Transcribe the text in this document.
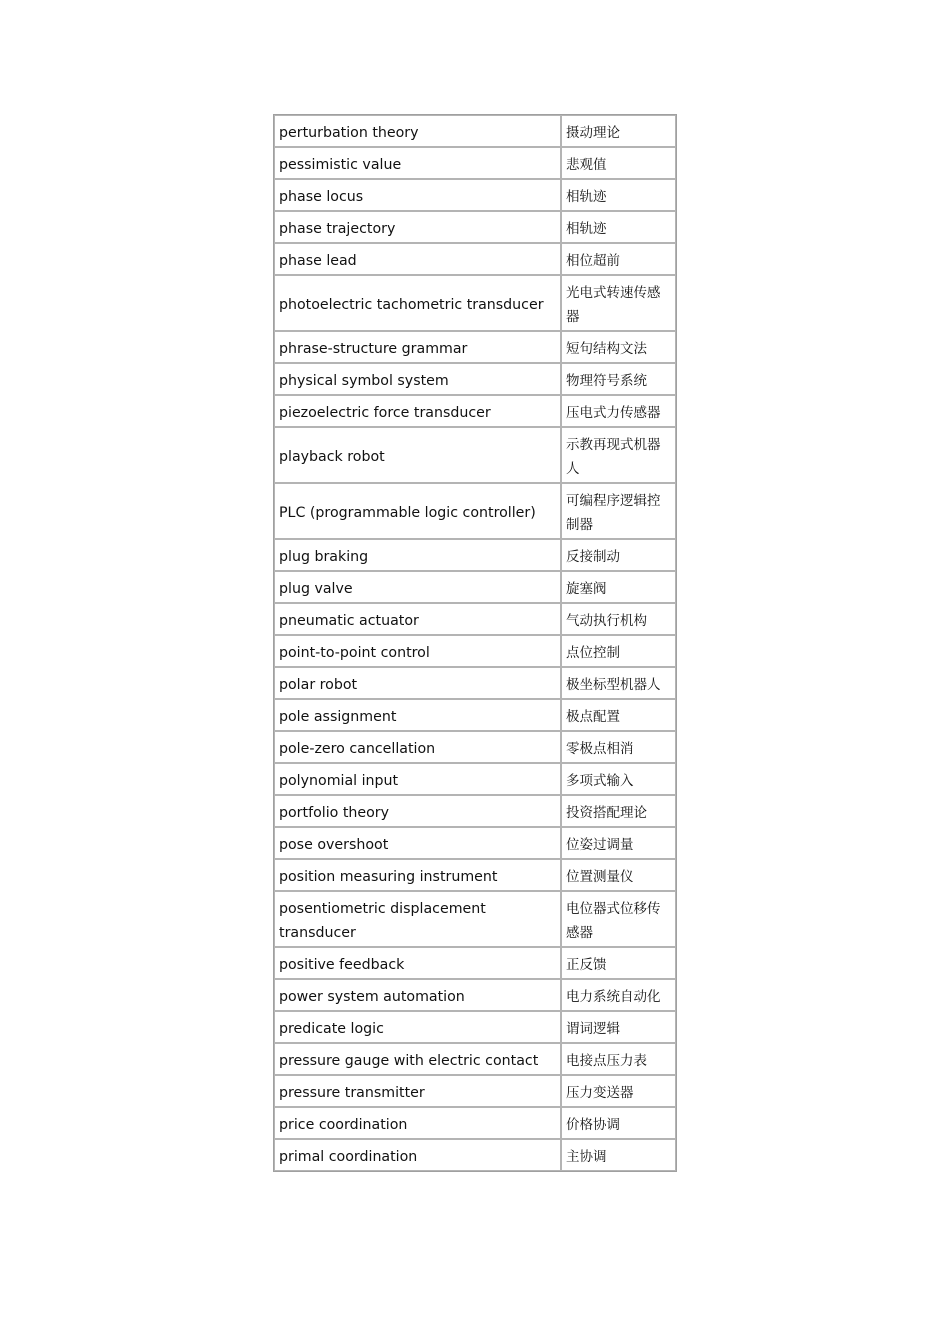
perturbation theory	摄动理论
pessimistic value	悲观值
phase locus	相轨迹
phase trajectory	相轨迹
phase lead	相位超前
photoelectric tachometric transducer	光电式转速传感器
phrase-structure grammar	短句结构文法
physical symbol system	物理符号系统
piezoelectric force transducer	压电式力传感器
playback robot	示教再现式机器人
PLC (programmable logic controller)	可编程序逻辑控制器
plug braking	反接制动
plug valve	旋塞阀
pneumatic actuator	气动执行机构
point-to-point control	点位控制
polar robot	极坐标型机器人
pole assignment	极点配置
pole-zero cancellation	零极点相消
polynomial input	多项式输入
portfolio theory	投资搭配理论
pose overshoot	位姿过调量
position measuring instrument	位置测量仪
posentiometric displacement transducer	电位器式位移传感器
positive feedback	正反馈
power system automation	电力系统自动化
predicate logic	谓词逻辑
pressure gauge with electric contact	电接点压力表
pressure transmitter	压力变送器
price coordination	价格协调
primal coordination	主协调
